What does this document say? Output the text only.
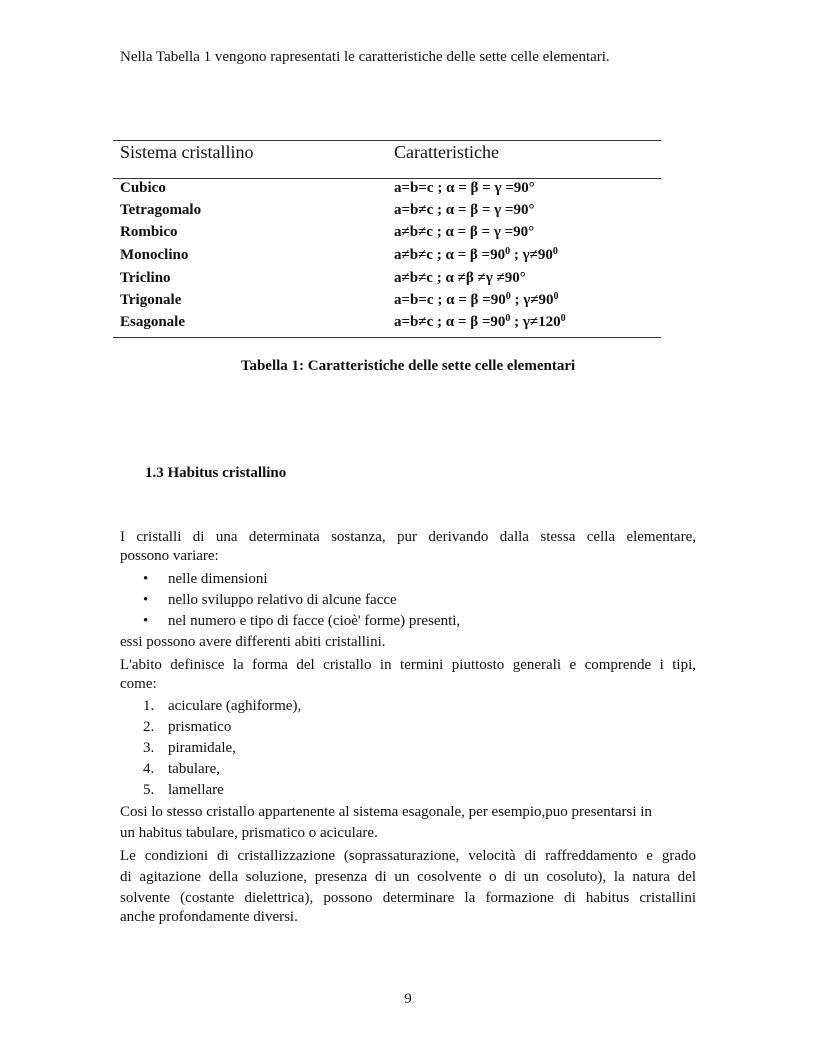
Nella Tabella 1 vengono rapresentati le caratteristiche delle sette celle elementari.
Sistema cristallino	Caratteristiche
Cubico	a=b=c ; α = β = γ =90°
Tetragomalo	a=b≠c ; α = β = γ =90°
Rombico	a≠b≠c ; α = β = γ =90°
Monoclino	a≠b≠c ; $\alpha = \beta =90^0$ ; $\gamma\ne 90^0$
Triclino	a≠b≠c ; α ≠β ≠γ ≠90°
Trigonale	a=b=c ; $\alpha = \beta =90^0$ ; $\gamma\ne 90^0$
Esagonale	a=b≠c ; $\alpha = \beta =90^0$ ; $\gamma\ne 120^0$
Tabella 1: Caratteristiche delle sette celle elementari
1.3 Habitus cristallino
I cristalli di una determinata sostanza, pur derivando dalla stessa cella elementare,
possono variare:
• nelle dimensioni
• nello sviluppo relativo di alcune facce
• nel numero e tipo di facce (cioè' forme) presenti,
essi possono avere differenti abiti cristallini.
L'abito definisce la forma del cristallo in termini piuttosto generali e comprende i tipi,
come:
1. aciculare (aghiforme),
2. prismatico
3. piramidale,
4. tabulare,
5. lamellare
Cosi lo stesso cristallo appartenente al sistema esagonale, per esempio,puo presentarsi in
un habitus tabulare, prismatico o aciculare.
Le condizioni di cristallizzazione (soprassaturazione, velocità di raffreddamento e grado
di agitazione della soluzione, presenza di un cosolvente o di un cosoluto), la natura del
solvente (costante dielettrica), possono determinare la formazione di habitus cristallini
anche profondamente diversi.
9
